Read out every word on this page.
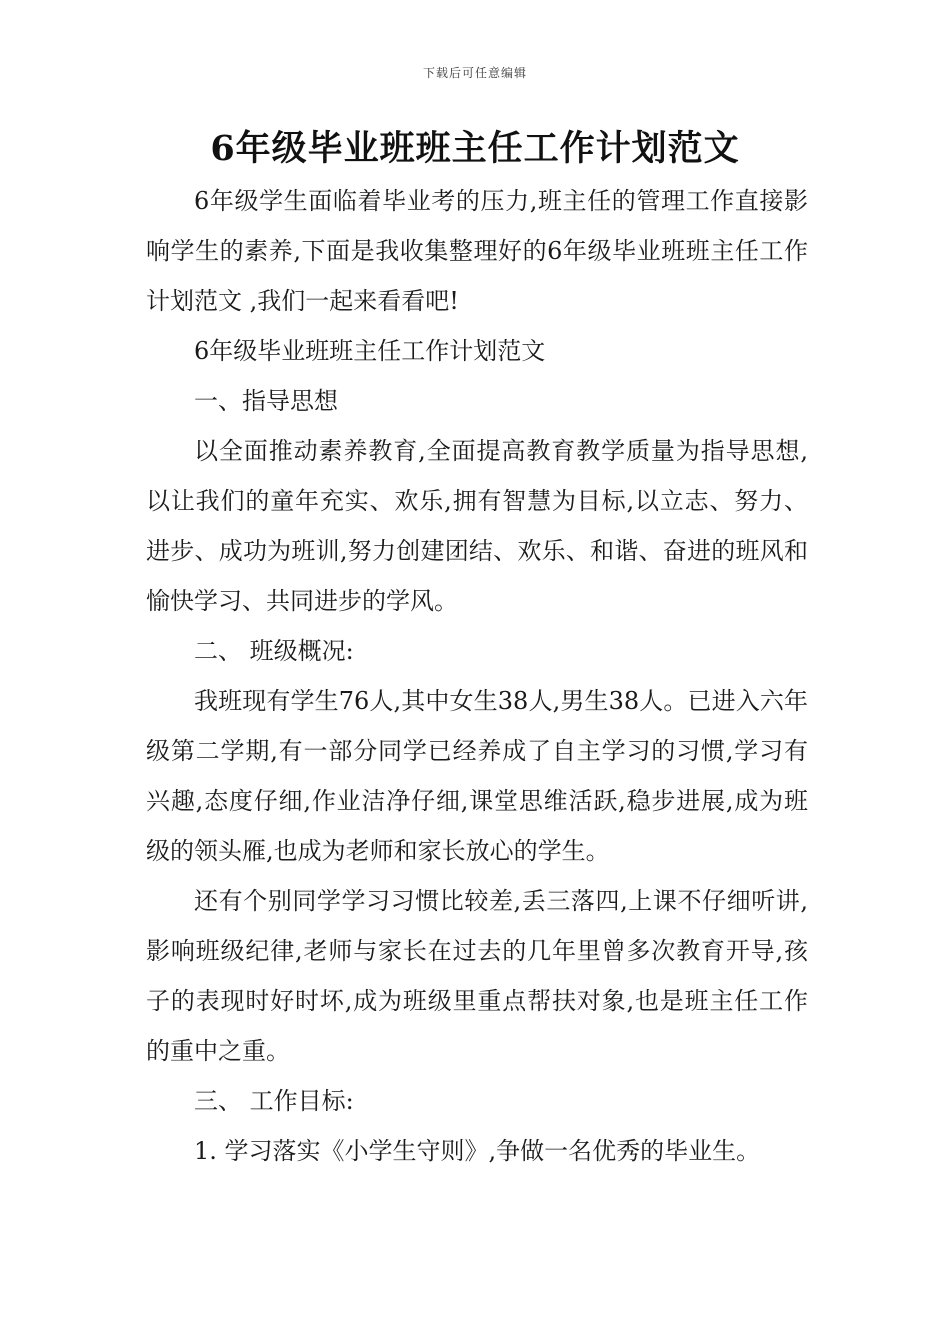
下载后可任意编辑
6年级毕业班班主任工作计划范文

6年级学生面临着毕业考的压力,班主任的管理工作直接影响学生的素养,下面是我收集整理好的6年级毕业班班主任工作计划范文 ,我们一起来看看吧!

6年级毕业班班主任工作计划范文

一、指导思想

以全面推动素养教育,全面提高教育教学质量为指导思想,以让我们的童年充实、欢乐,拥有智慧为目标,以立志、努力、进步、成功为班训,努力创建团结、欢乐、和谐、奋进的班风和愉快学习、共同进步的学风。

二、 班级概况:

我班现有学生76人,其中女生38人,男生38人。已进入六年级第二学期,有一部分同学已经养成了自主学习的习惯,学习有兴趣,态度仔细,作业洁净仔细,课堂思维活跃,稳步进展,成为班级的领头雁,也成为老师和家长放心的学生。

还有个别同学学习习惯比较差,丢三落四,上课不仔细听讲,影响班级纪律,老师与家长在过去的几年里曾多次教育开导,孩子的表现时好时坏,成为班级里重点帮扶对象,也是班主任工作的重中之重。

三、 工作目标:

1. 学习落实《小学生守则》,争做一名优秀的毕业生。
